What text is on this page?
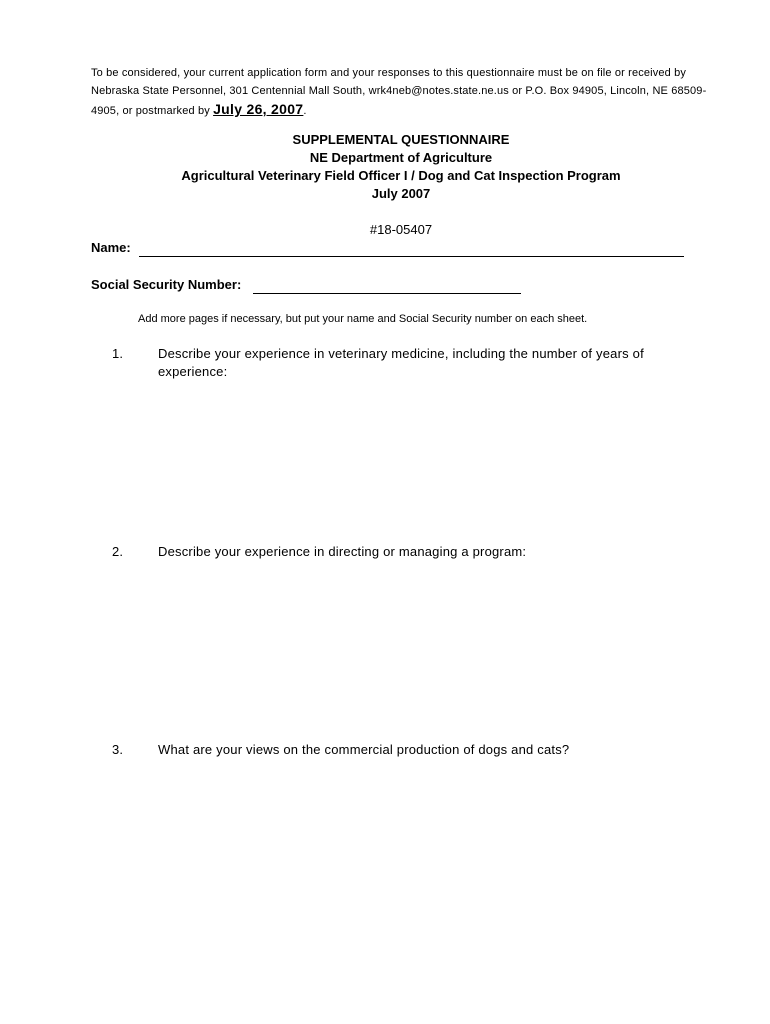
To be considered, your current application form and your responses to this questionnaire must be on file or received by Nebraska State Personnel, 301 Centennial Mall South, wrk4neb@notes.state.ne.us or P.O. Box 94905, Lincoln, NE 68509-4905, or postmarked by July 26, 2007.
SUPPLEMENTAL QUESTIONNAIRE
NE Department of Agriculture
Agricultural Veterinary Field Officer I / Dog and Cat Inspection Program
July 2007
#18-05407
Name:
Social Security Number:
Add more pages if necessary, but put your name and Social Security number on each sheet.
1.	Describe your experience in veterinary medicine, including the number of years of experience:
2.	Describe your experience in directing or managing a program:
3.	What are your views on the commercial production of dogs and cats?
